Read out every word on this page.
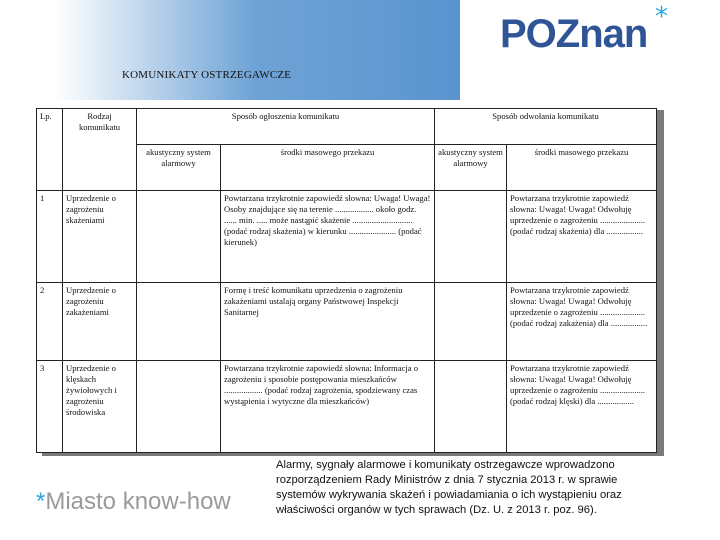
KOMUNIKATY OSTRZEGAWCZE
POZnan *
Lp.	Rodzaj komunikatu	Sposób ogłoszenia komunikatu		Sposób odwołania komunikatu	
		akustyczny system alarmowy	środki masowego przekazu	akustyczny system alarmowy	środki masowego przekazu
1	Uprzedzenie o zagrożeniu skażeniami		Powtarzana trzykrotnie zapowiedź słowna: Uwaga! Uwaga! Osoby znajdujące się na terenie .................. około godz. ...... min. ..... może nastąpić skażenie ............................ (podać rodzaj skażenia) w kierunku ...................... (podać kierunek)		Powtarzana trzykrotnie zapowiedź słowna: Uwaga! Uwaga! Odwołuję uprzedzenie o zagrożeniu ..................... (podać rodzaj skażenia) dla .................
2	Uprzedzenie o zagrożeniu zakażeniami		Formę i treść komunikatu uprzedzenia o zagrożeniu zakażeniami ustalają organy Państwowej Inspekcji Sanitarnej		Powtarzana trzykrotnie zapowiedź słowna: Uwaga! Uwaga! Odwołuję uprzedzenie o zagrożeniu ..................... (podać rodzaj zakażenia) dla .................
3	Uprzedzenie o klęskach żywiołowych i zagrożeniu środowiska		Powtarzana trzykrotnie zapowiedź słowna: Informacja o zagrożeniu i sposobie postępowania mieszkańców .................. (podać rodzaj zagrożenia, spodziewany czas wystąpienia i wytyczne dla mieszkańców)		Powtarzana trzykrotnie zapowiedź słowna: Uwaga! Uwaga! Odwołuję uprzedzenie o zagrożeniu ..................... (podać rodzaj klęski) dla .................
Alarmy, sygnały alarmowe i komunikaty ostrzegawcze wprowadzono rozporządzeniem Rady Ministrów z dnia 7 stycznia 2013 r. w sprawie systemów wykrywania skażeń i powiadamiania o ich wystąpieniu oraz właściwości organów w tych sprawach (Dz. U. z 2013 r. poz. 96).
*Miasto know-how
